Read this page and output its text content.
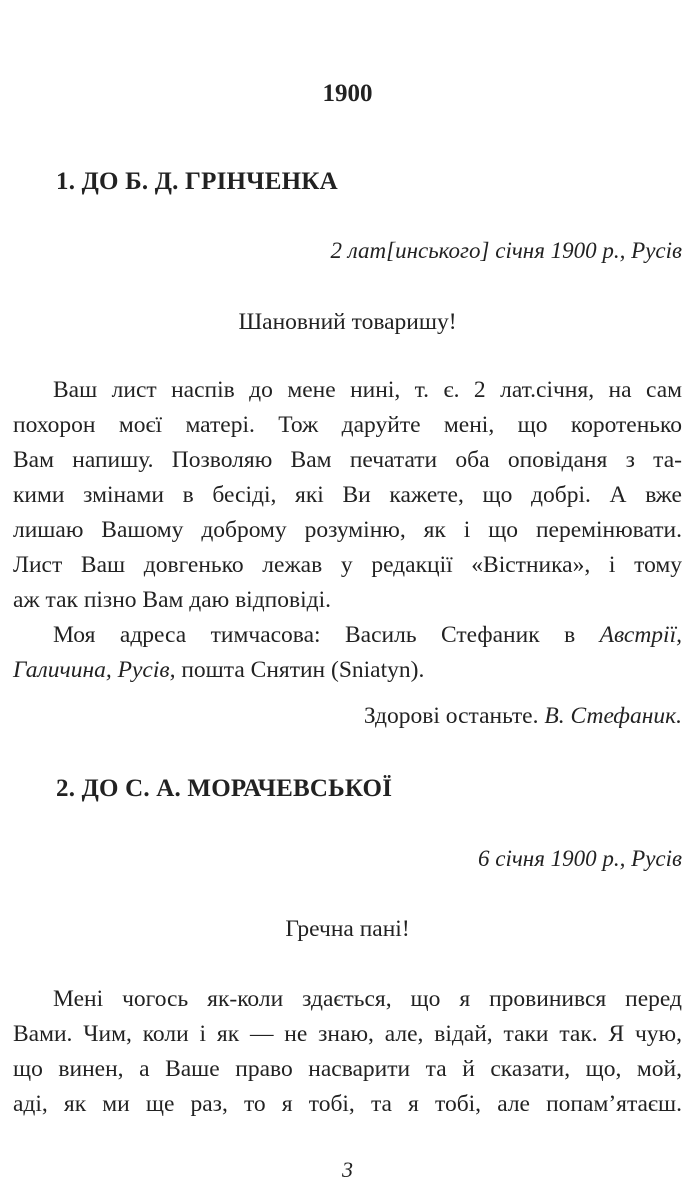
1900
1. ДО Б. Д. ГРІНЧЕНКА
2 лат[инського] січня 1900 р., Русів
Шановний товаришу!
Ваш лист наспів до мене нині, т. є. 2 лат.січня, на сам
похорон моєї матері. Тож даруйте мені, що коротенько
Вам напишу. Позволяю Вам печатати оба оповіданя з та-
кими змінами в бесіді, які Ви кажете, що добрі. А вже
лишаю Вашому доброму розуміню, як і що перемінювати.
Лист Ваш довгенько лежав у редакції «Вістника», і тому
аж так пізно Вам даю відповіді.
Моя адреса тимчасова: Василь Стефаник в Австрії,
Галичина, Русів, пошта Снятин (Sniatyn).
Здорові останьте. В. Стефаник.
2. ДО С. А. МОРАЧЕВСЬКОЇ
6 січня 1900 р., Русів
Гречна пані!
Мені чогось як-коли здається, що я провинився перед
Вами. Чим, коли і як — не знаю, але, відай, таки так. Я чую,
що винен, а Ваше право насварити та й сказати, що, мой,
аді, як ми ще раз, то я тобі, та я тобі, але попам’ятаєш.
3
